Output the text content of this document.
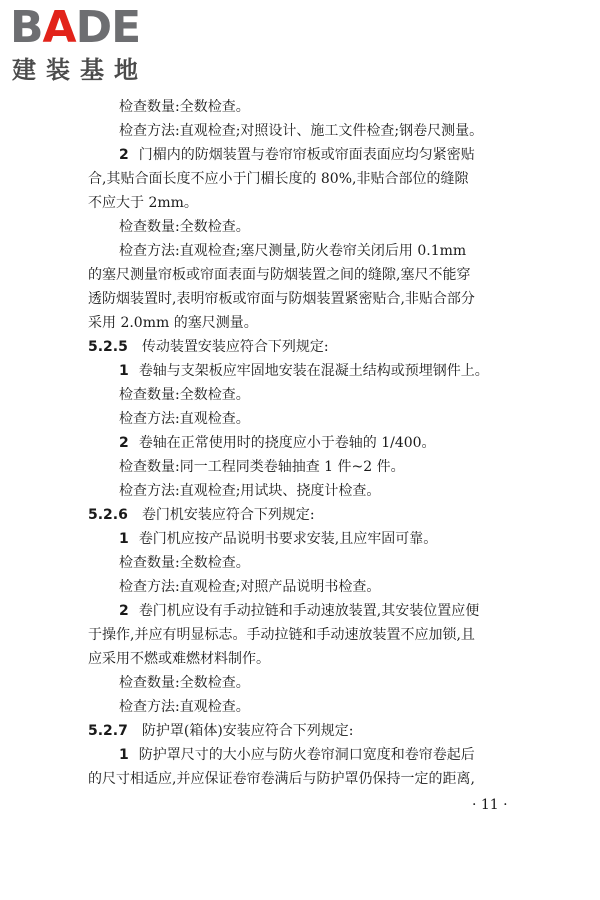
BADE
建装基地

检查数量:全数检查。

检查方法:直观检查;对照设计、施工文件检查;钢卷尺测量。

2 门楣内的防烟装置与卷帘帘板或帘面表面应均匀紧密贴

合,其贴合面长度不应小于门楣长度的 80%,非贴合部位的缝隙

不应大于 2mm。

检查数量:全数检查。

检查方法:直观检查;塞尺测量,防火卷帘关闭后用 0.1mm

的塞尺测量帘板或帘面表面与防烟装置之间的缝隙,塞尺不能穿

透防烟装置时,表明帘板或帘面与防烟装置紧密贴合,非贴合部分

采用 2.0mm 的塞尺测量。

5.2.5 传动装置安装应符合下列规定:

1 卷轴与支架板应牢固地安装在混凝土结构或预埋钢件上。

检查数量:全数检查。

检查方法:直观检查。

2 卷轴在正常使用时的挠度应小于卷轴的 1/400。

检查数量:同一工程同类卷轴抽查 1 件~2 件。

检查方法:直观检查;用试块、挠度计检查。

5.2.6 卷门机安装应符合下列规定:

1 卷门机应按产品说明书要求安装,且应牢固可靠。

检查数量:全数检查。

检查方法:直观检查;对照产品说明书检查。

2 卷门机应设有手动拉链和手动速放装置,其安装位置应便

于操作,并应有明显标志。手动拉链和手动速放装置不应加锁,且

应采用不燃或难燃材料制作。

检查数量:全数检查。

检查方法:直观检查。

5.2.7 防护罩(箱体)安装应符合下列规定:

1 防护罩尺寸的大小应与防火卷帘洞口宽度和卷帘卷起后

的尺寸相适应,并应保证卷帘卷满后与防护罩仍保持一定的距离,

· 11 ·
